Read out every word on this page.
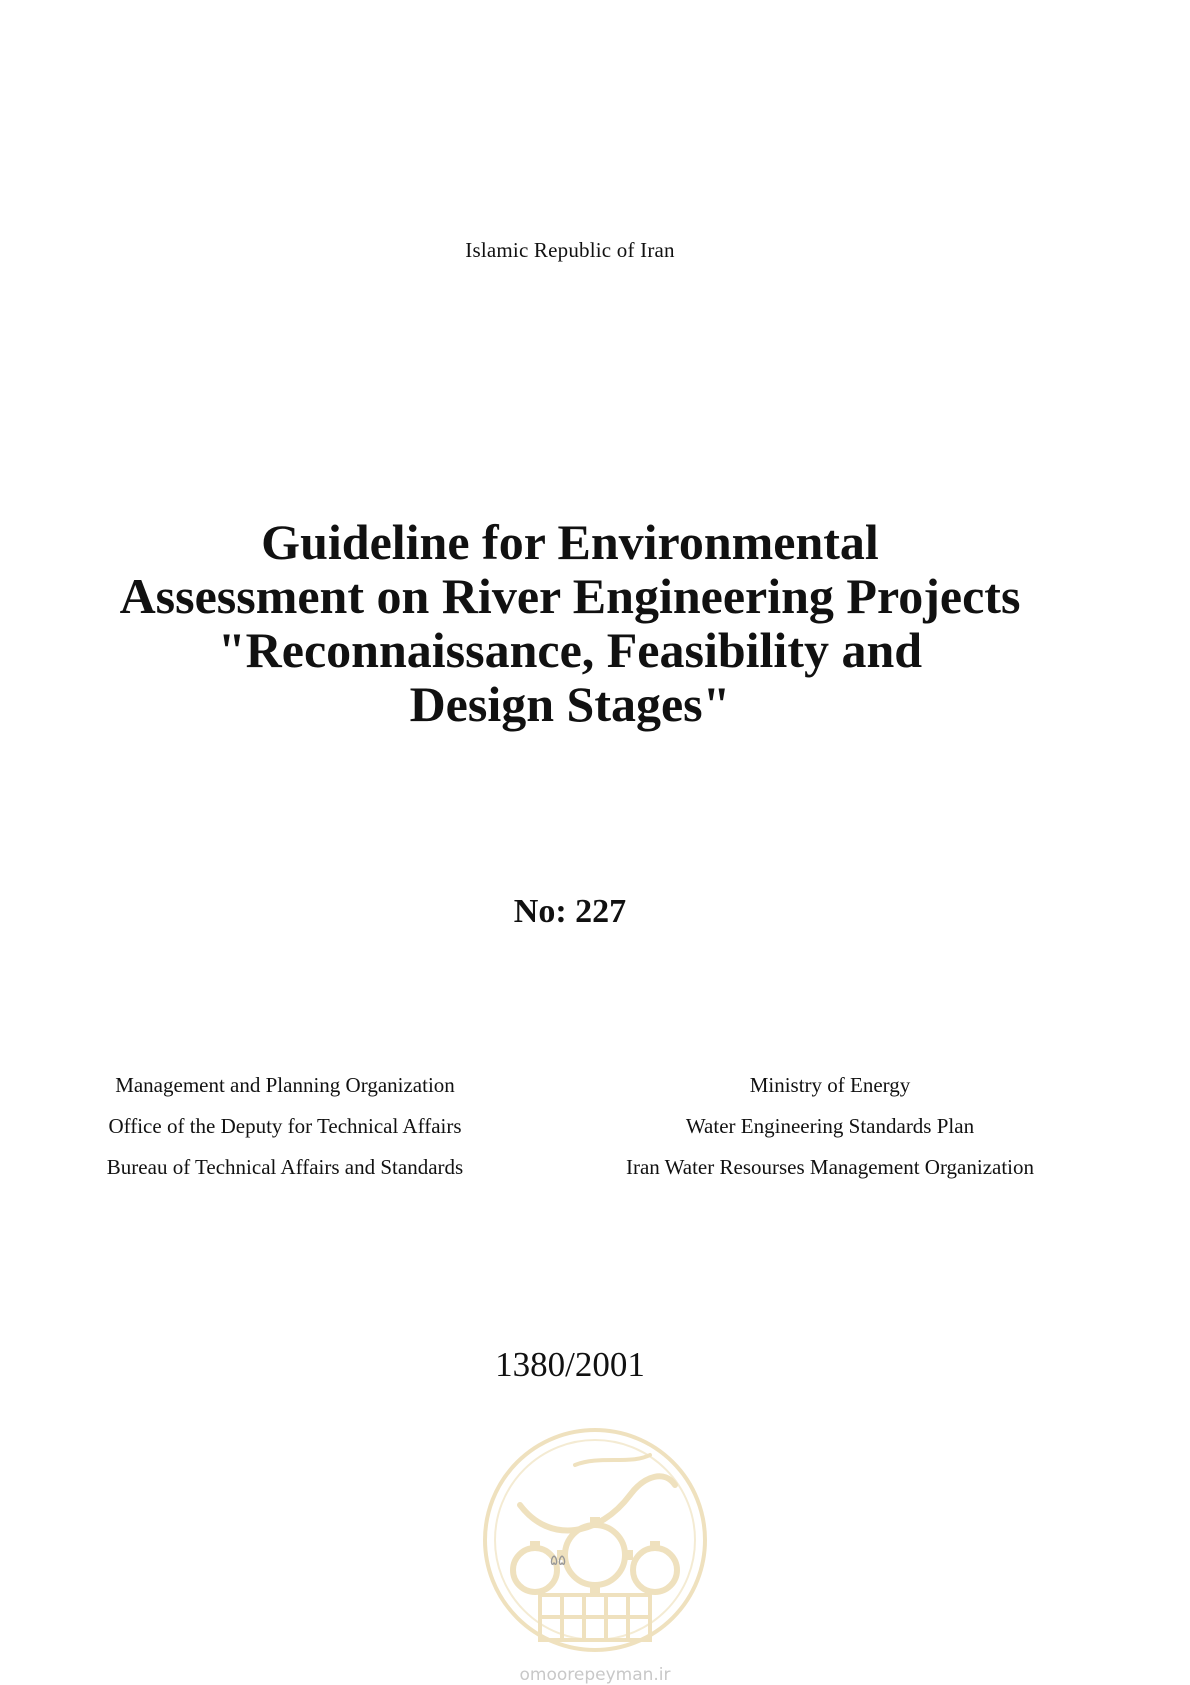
Islamic Republic of Iran
Guideline for Environmental
Assessment on River Engineering Projects
"Reconnaissance, Feasibility and
Design Stages"
No: 227
Management and Planning Organization
Office of the Deputy for Technical Affairs
Bureau of Technical Affairs and Standards
Ministry of Energy
Water Engineering Standards Plan
Iran Water Resourses Management Organization
1380/2001
۵۵
omoorepeyman.ir
